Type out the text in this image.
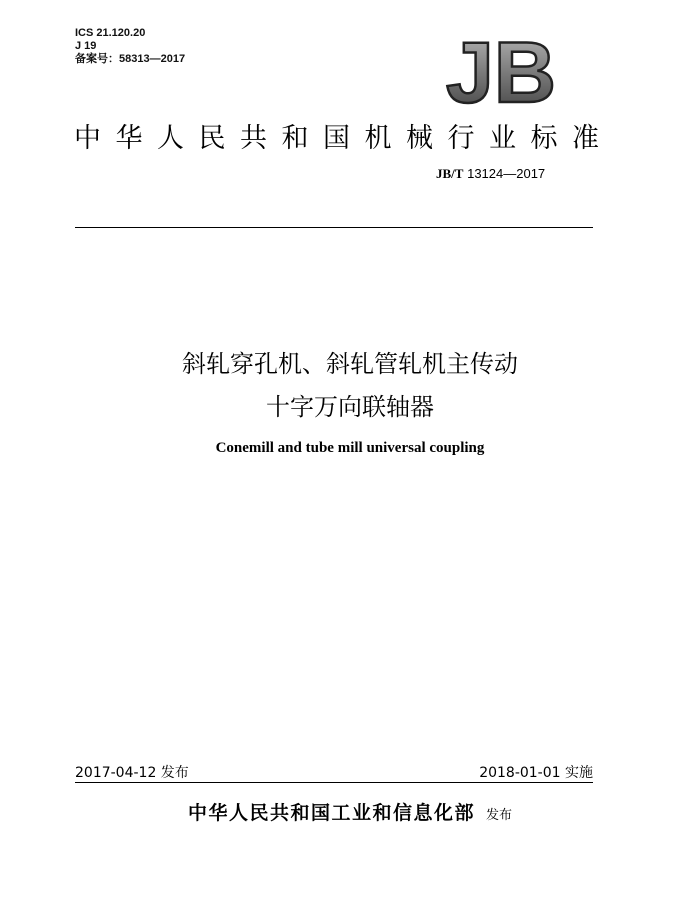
ICS 21.120.20
J 19
备案号：58313—2017	JB
中华人民共和国机械行业标准
JB/T 13124—2017
斜轧穿孔机、斜轧管轧机主传动
十字万向联轴器
Conemill and tube mill universal coupling
2017-04-12 发布	2018-01-01 实施
中华人民共和国工业和信息化部 发布
